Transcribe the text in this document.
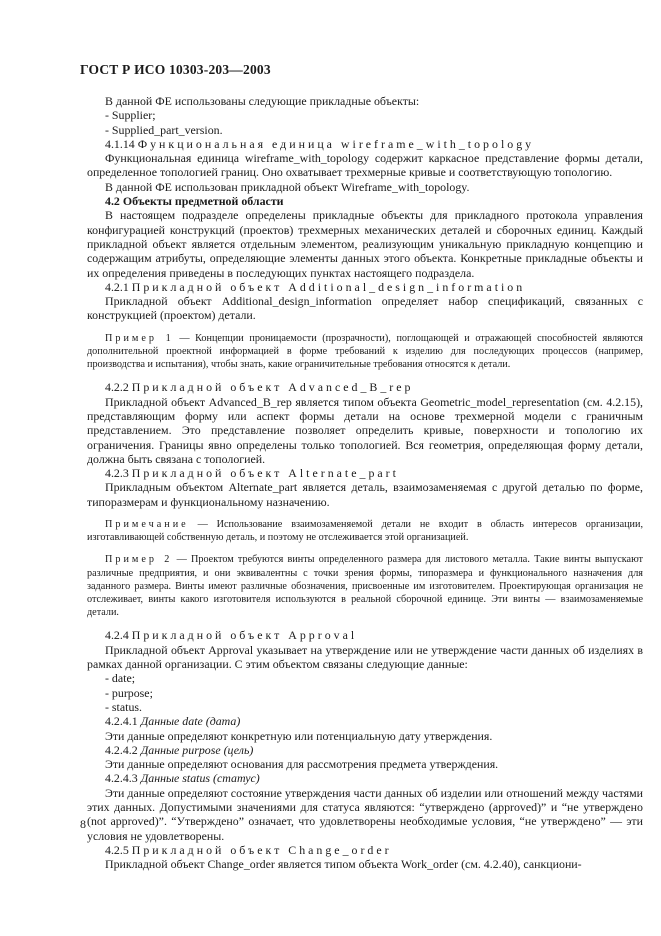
ГОСТ Р ИСО 10303-203—2003

В данной ФЕ использованы следующие прикладные объекты:

- Supplier;

- Supplied_part_version.

4.1.14 Функциональная единица wireframe_with_topology

Функциональная единица wireframe_with_topology содержит каркасное представление формы детали, определенное топологией границ. Оно охватывает трехмерные кривые и соответствующую топологию.

В данной ФЕ использован прикладной объект Wireframe_with_topology.

4.2 Объекты предметной области

В настоящем подразделе определены прикладные объекты для прикладного протокола управления конфигурацией конструкций (проектов) трехмерных механических деталей и сборочных единиц. Каждый прикладной объект является отдельным элементом, реализующим уникальную прикладную концепцию и содержащим атрибуты, определяющие элементы данных этого объекта. Конкретные прикладные объекты и их определения приведены в последующих пунктах настоящего подраздела.

4.2.1 Прикладной объект Additional_design_information

Прикладной объект Additional_design_information определяет набор спецификаций, связанных с конструкцией (проектом) детали.

Пример 1 — Концепции проницаемости (прозрачности), поглощающей и отражающей способностей являются дополнительной проектной информацией в форме требований к изделию для последующих процессов (например, производства и испытания), чтобы знать, какие ограничительные требования относятся к детали.

4.2.2 Прикладной объект Advanced_B_rep

Прикладной объект Advanced_B_rep является типом объекта Geometric_model_representation (см. 4.2.15), представляющим форму или аспект формы детали на основе трехмерной модели с граничным представлением. Это представление позволяет определить кривые, поверхности и топологию их ограничения. Границы явно определены только топологией. Вся геометрия, определяющая форму детали, должна быть связана с топологией.

4.2.3 Прикладной объект Alternate_part

Прикладным объектом Alternate_part является деталь, взаимозаменяемая с другой деталью по форме, типоразмерам и функциональному назначению.

Примечание — Использование взаимозаменяемой детали не входит в область интересов организации, изготавливающей собственную деталь, и поэтому не отслеживается этой организацией.

Пример 2 — Проектом требуются винты определенного размера для листового металла. Такие винты выпускают различные предприятия, и они эквивалентны с точки зрения формы, типоразмера и функционального назначения для заданного размера. Винты имеют различные обозначения, присвоенные им изготовителем. Проектирующая организация не отслеживает, винты какого изготовителя используются в реальной сборочной единице. Эти винты — взаимозаменяемые детали.

4.2.4 Прикладной объект Approval

Прикладной объект Approval указывает на утверждение или не утверждение части данных об изделиях в рамках данной организации. С этим объектом связаны следующие данные:

- date;

- purpose;

- status.

4.2.4.1 Данные date (дата)

Эти данные определяют конкретную или потенциальную дату утверждения.

4.2.4.2 Данные purpose (цель)

Эти данные определяют основания для рассмотрения предмета утверждения.

4.2.4.3 Данные status (статус)

Эти данные определяют состояние утверждения части данных об изделии или отношений между частями этих данных. Допустимыми значениями для статуса являются: “утверждено (approved)” и “не утверждено (not approved)”. “Утверждено” означает, что удовлетворены необходимые условия, “не утверждено” — эти условия не удовлетворены.

4.2.5 Прикладной объект Change_order

Прикладной объект Change_order является типом объекта Work_order (см. 4.2.40), санкциони-

8
